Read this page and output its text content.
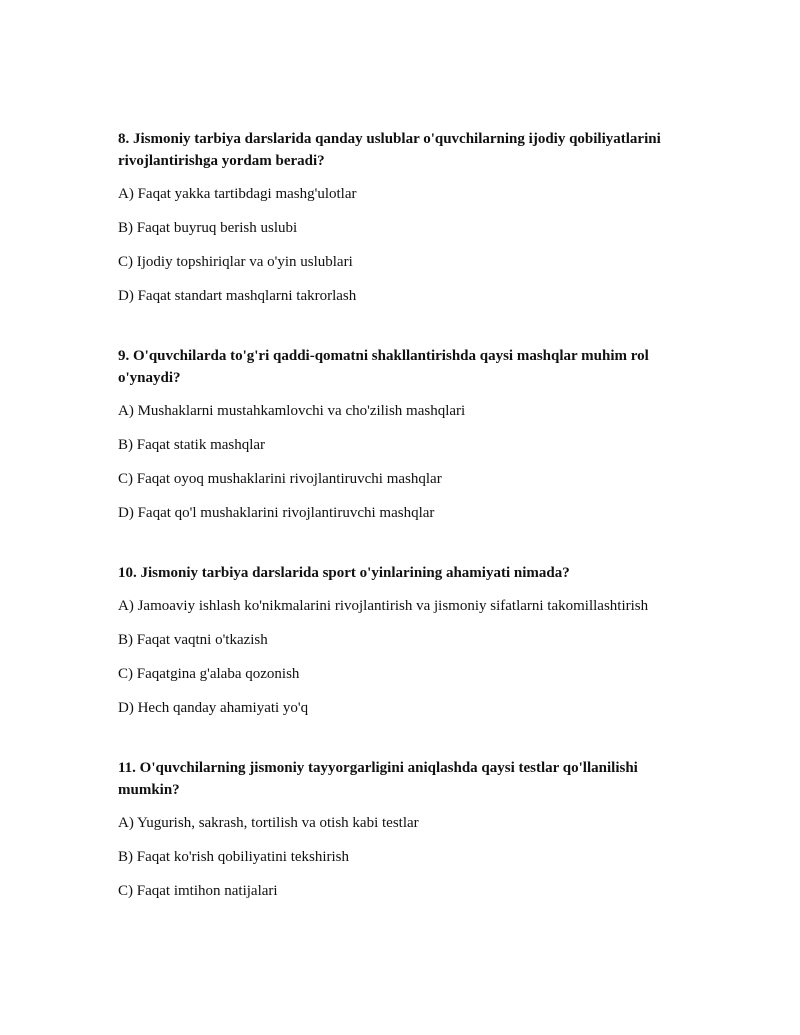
8. Jismoniy tarbiya darslarida qanday uslublar o'quvchilarning ijodiy qobiliyatlarini rivojlantirishga yordam beradi?

A) Faqat yakka tartibdagi mashg'ulotlar

B) Faqat buyruq berish uslubi

C) Ijodiy topshiriqlar va o'yin uslublari

D) Faqat standart mashqlarni takrorlash

9. O'quvchilarda to'g'ri qaddi-qomatni shakllantirishda qaysi mashqlar muhim rol o'ynaydi?

A) Mushaklarni mustahkamlovchi va cho'zilish mashqlari

B) Faqat statik mashqlar

C) Faqat oyoq mushaklarini rivojlantiruvchi mashqlar

D) Faqat qo'l mushaklarini rivojlantiruvchi mashqlar

10. Jismoniy tarbiya darslarida sport o'yinlarining ahamiyati nimada?

A) Jamoaviy ishlash ko'nikmalarini rivojlantirish va jismoniy sifatlarni takomillashtirish

B) Faqat vaqtni o'tkazish

C) Faqatgina g'alaba qozonish

D) Hech qanday ahamiyati yo'q

11. O'quvchilarning jismoniy tayyorgarligini aniqlashda qaysi testlar qo'llanilishi mumkin?

A) Yugurish, sakrash, tortilish va otish kabi testlar

B) Faqat ko'rish qobiliyatini tekshirish

C) Faqat imtihon natijalari
